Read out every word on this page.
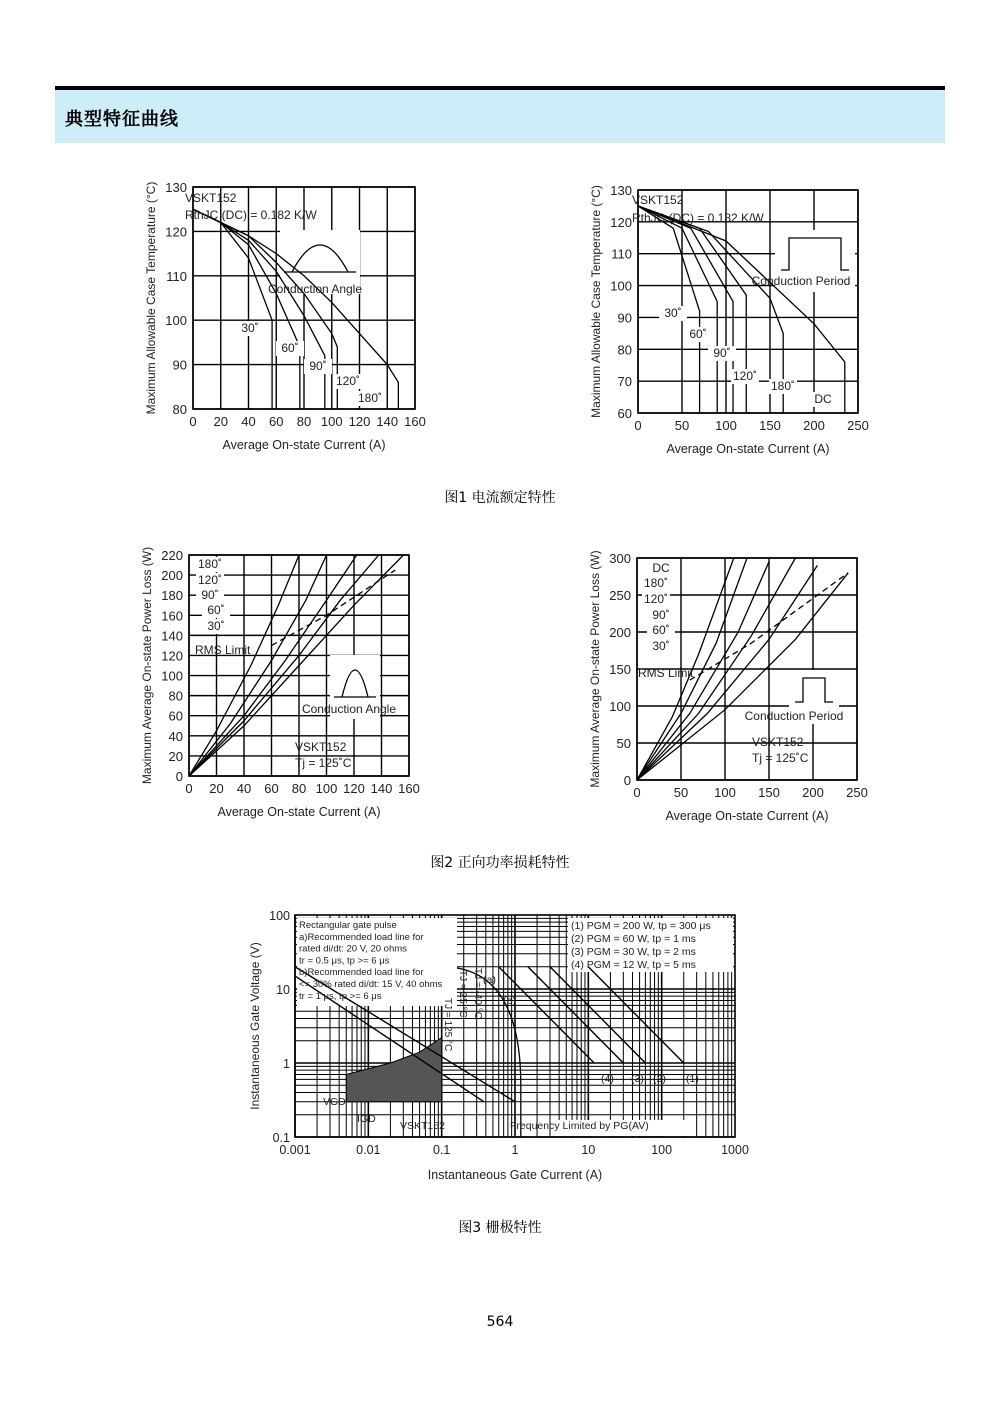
典型特征曲线
0 20 40 60 80 100 120 140 160
80
90
100
110
120
130
30˚
60˚
90˚
120˚
180˚
VSKT152
RthJC (DC) = 0.182 K/W
Conduction Angle
Average On-state Current (A)
Maximum Allowable Case Temperature (°C)
0	50 100 150 200 250
60
70
80
90
100
110
120
130
30˚
60˚
90˚
120˚
180˚
DC
VSKT152
RthJC (DC) = 0.182 K/W
Conduction Period
Average On-state Current (A)
Maximum Allowable Case Temperature (°C)
图1 电流额定特性
0 20 40 60 80 100 120 140 160
0
20
40
60
80
100
120
140
160
180
200
220
180˚
120˚
90˚
60˚
30˚
RMS Limit
Conduction Angle
VSKT152
Tj = 125˚C
Average On-state Current (A)
Maximum Average On-state Power Loss (W)
0	50 100 150 200 250
0
50
100
150
200
250
300
DC
180˚
120˚
90˚
60˚
30˚
RMS Limit
Conduction Period
VSKT152
Tj = 125˚C
Average On-state Current (A)
Maximum Average On-state Power Loss (W)
图2 正向功率损耗特性
0.001	0.01	0.1	1	10	100	1000
0.1
1
10
100
Rectangular gate pulse
a)Recommended load line for
rated di/dt: 20 V, 20 ohms
tr = 0.5 μs, tp >= 6 μs
b)Recommended load line for
<= 30% rated di/dt: 15 V, 40 ohms
tr = 1 μs, tp >= 6 μs
(1) PGM = 200 W, tp = 300 μs
(2) PGM = 60 W, tp = 1 ms
(3) PGM = 30 W, tp = 2 ms
(4) PGM = 12 W, tp = 5 ms
(a)
(b)
TJ = -40 °C
TJ = 25 °C
TJ = 125 °C
VGD
IGD
VSKT152	Frequency Limited by PG(AV)
(1)
(2)
(3)
(4)
Instantaneous Gate Current (A)
Instantaneous Gate Voltage (V)
图3 栅极特性
564
